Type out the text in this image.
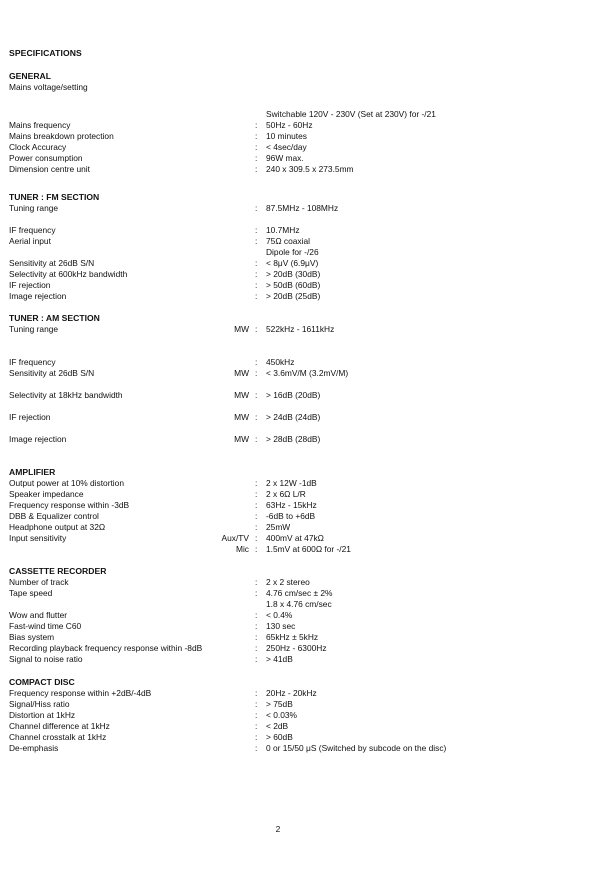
SPECIFICATIONS
GENERAL
Mains voltage/setting
Switchable 120V - 230V (Set at 230V) for -/21
Mains frequency	: 50Hz - 60Hz
Mains breakdown protection	: 10 minutes
Clock Accuracy	: < 4sec/day
Power consumption	: 96W max.
Dimension centre unit	: 240 x 309.5 x 273.5mm
TUNER : FM SECTION
Tuning range	: 87.5MHz - 108MHz
IF frequency	: 10.7MHz
Aerial input	: 75Ω coaxial
Dipole for -/26
Sensitivity at 26dB S/N	: < 8μV (6.9μV)
Selectivity at 600kHz bandwidth	: > 20dB (30dB)
IF rejection	: > 50dB (60dB)
Image rejection	: > 20dB (25dB)
TUNER : AM SECTION
Tuning range	MW : 522kHz - 1611kHz
IF frequency	: 450kHz
Sensitivity at 26dB S/N	MW : < 3.6mV/M (3.2mV/M)
Selectivity at 18kHz bandwidth	MW : > 16dB (20dB)
IF rejection	MW : > 24dB (24dB)
Image rejection	MW : > 28dB (28dB)
AMPLIFIER
Output power at 10% distortion	: 2 x 12W -1dB
Speaker impedance	: 2 x 6Ω L/R
Frequency response within -3dB	: 63Hz - 15kHz
DBB & Equalizer control	: -6dB to +6dB
Headphone output at 32Ω	: 25mW
Input sensitivity	Aux/TV : 400mV at 47kΩ
Mic : 1.5mV at 600Ω for -/21
CASSETTE RECORDER
Number of track	: 2 x 2 stereo
Tape speed	: 4.76 cm/sec ± 2%
1.8 x 4.76 cm/sec
Wow and flutter	: < 0.4%
Fast-wind time C60	: 130 sec
Bias system	: 65kHz ± 5kHz
Recording playback frequency response within -8dB	: 250Hz - 6300Hz
Signal to noise ratio	: > 41dB
COMPACT DISC
Frequency response within +2dB/-4dB	: 20Hz - 20kHz
Signal/Hiss ratio	: > 75dB
Distortion at 1kHz	: < 0.03%
Channel difference at 1kHz	: < 2dB
Channel crosstalk at 1kHz	: > 60dB
De-emphasis	: 0 or 15/50 μS (Switched by subcode on the disc)
2
